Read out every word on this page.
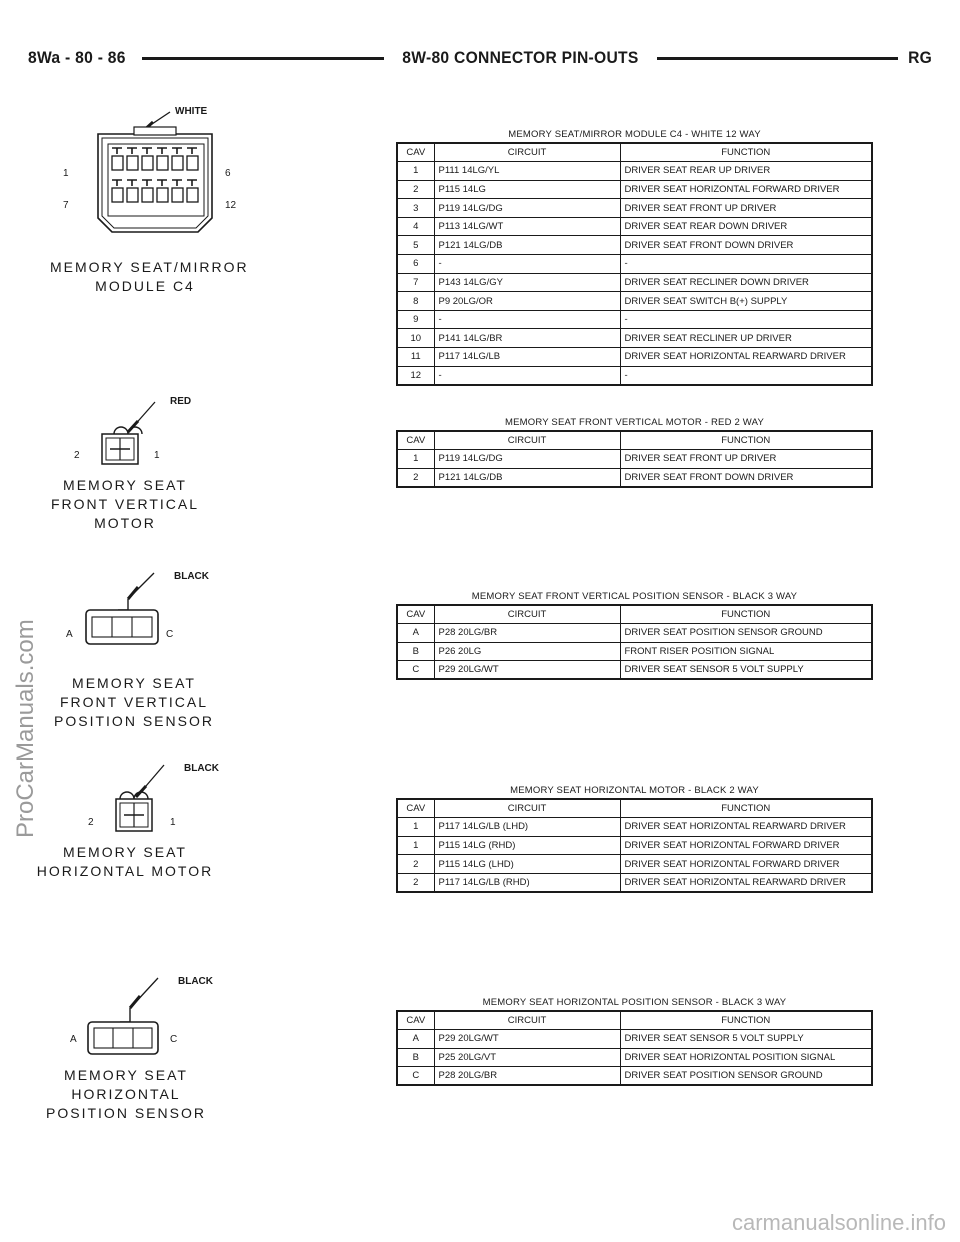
8Wa - 80 - 86	8W-80 CONNECTOR PIN-OUTS	RG
ProCarManuals.com
carmanualsonline.info
WHITE
1	6
7	12
MEMORY SEAT/MIRROR
MODULE C4
RED
2	1
MEMORY SEAT
FRONT VERTICAL
MOTOR
BLACK
A	C
MEMORY SEAT
FRONT VERTICAL
POSITION SENSOR
BLACK
2	1
MEMORY SEAT
HORIZONTAL MOTOR
BLACK
A	C
MEMORY SEAT
HORIZONTAL
POSITION SENSOR
MEMORY SEAT/MIRROR MODULE C4 - WHITE 12 WAY
CAV	CIRCUIT	FUNCTION
1	P111 14LG/YL	DRIVER SEAT REAR UP DRIVER
2	P115 14LG	DRIVER SEAT HORIZONTAL FORWARD DRIVER
3	P119 14LG/DG	DRIVER SEAT FRONT UP DRIVER
4	P113 14LG/WT	DRIVER SEAT REAR DOWN DRIVER
5	P121 14LG/DB	DRIVER SEAT FRONT DOWN DRIVER
6	-	-
7	P143 14LG/GY	DRIVER SEAT RECLINER DOWN DRIVER
8	P9 20LG/OR	DRIVER SEAT SWITCH B(+) SUPPLY
9	-	-
10	P141 14LG/BR	DRIVER SEAT RECLINER UP DRIVER
11	P117 14LG/LB	DRIVER SEAT HORIZONTAL REARWARD DRIVER
12	-	-
MEMORY SEAT FRONT VERTICAL MOTOR - RED 2 WAY
CAV	CIRCUIT	FUNCTION
1	P119 14LG/DG	DRIVER SEAT FRONT UP DRIVER
2	P121 14LG/DB	DRIVER SEAT FRONT DOWN DRIVER
MEMORY SEAT FRONT VERTICAL POSITION SENSOR - BLACK 3 WAY
CAV	CIRCUIT	FUNCTION
A	P28 20LG/BR	DRIVER SEAT POSITION SENSOR GROUND
B	P26 20LG	FRONT RISER POSITION SIGNAL
C	P29 20LG/WT	DRIVER SEAT SENSOR 5 VOLT SUPPLY
MEMORY SEAT HORIZONTAL MOTOR - BLACK 2 WAY
CAV	CIRCUIT	FUNCTION
1	P117 14LG/LB (LHD)	DRIVER SEAT HORIZONTAL REARWARD DRIVER
1	P115 14LG (RHD)	DRIVER SEAT HORIZONTAL FORWARD DRIVER
2	P115 14LG (LHD)	DRIVER SEAT HORIZONTAL FORWARD DRIVER
2	P117 14LG/LB (RHD)	DRIVER SEAT HORIZONTAL REARWARD DRIVER
MEMORY SEAT HORIZONTAL POSITION SENSOR - BLACK 3 WAY
CAV	CIRCUIT	FUNCTION
A	P29 20LG/WT	DRIVER SEAT SENSOR 5 VOLT SUPPLY
B	P25 20LG/VT	DRIVER SEAT HORIZONTAL POSITION SIGNAL
C	P28 20LG/BR	DRIVER SEAT POSITION SENSOR GROUND
